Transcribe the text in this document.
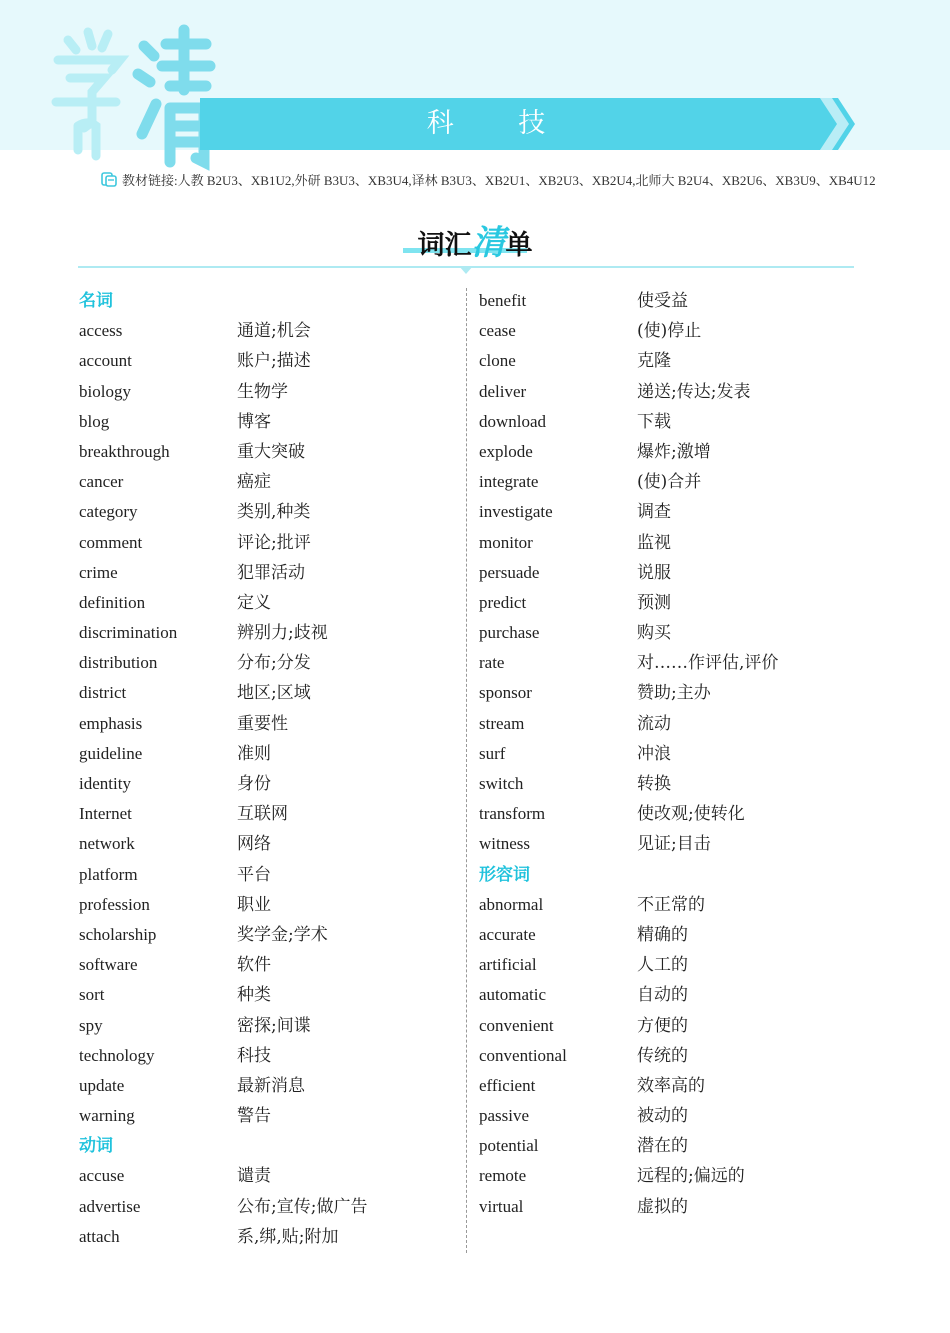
科 技
教材链接:人教 B2U3、XB1U2,外研 B3U3、XB3U4,译林 B3U3、XB2U1、XB2U3、XB2U4,北师大 B2U4、XB2U6、XB3U9、XB4U12
词汇清单
名词
access	通道;机会
account	账户;描述
biology	生物学
blog	博客
breakthrough	重大突破
cancer	癌症
category	类别,种类
comment	评论;批评
crime	犯罪活动
definition	定义
discrimination	辨别力;歧视
distribution	分布;分发
district	地区;区域
emphasis	重要性
guideline	准则
identity	身份
Internet	互联网
network	网络
platform	平台
profession	职业
scholarship	奖学金;学术
software	软件
sort	种类
spy	密探;间谍
technology	科技
update	最新消息
warning	警告
动词
accuse	谴责
advertise	公布;宣传;做广告
attach	系,绑,贴;附加
benefit	使受益
cease	(使)停止
clone	克隆
deliver	递送;传达;发表
download	下载
explode	爆炸;激增
integrate	(使)合并
investigate	调查
monitor	监视
persuade	说服
predict	预测
purchase	购买
rate	对……作评估,评价
sponsor	赞助;主办
stream	流动
surf	冲浪
switch	转换
transform	使改观;使转化
witness	见证;目击
形容词
abnormal	不正常的
accurate	精确的
artificial	人工的
automatic	自动的
convenient	方便的
conventional	传统的
efficient	效率高的
passive	被动的
potential	潜在的
remote	远程的;偏远的
virtual	虚拟的
